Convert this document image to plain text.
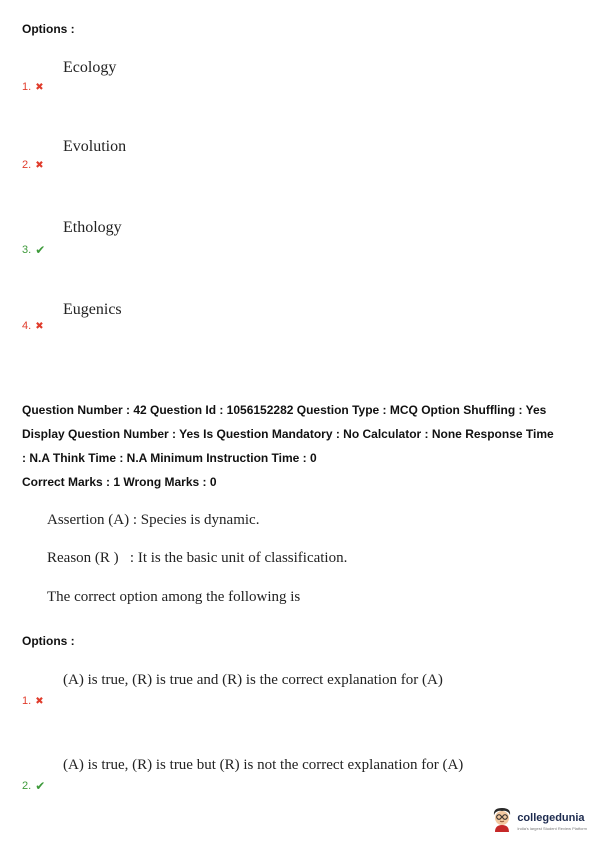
Options :
Ecology
1. ✖
Evolution
2. ✖
Ethology
3. ✔
Eugenics
4. ✖
Question Number : 42 Question Id : 1056152282 Question Type : MCQ Option Shuffling : Yes
Display Question Number : Yes Is Question Mandatory : No Calculator : None Response Time
: N.A Think Time : N.A Minimum Instruction Time : 0
Correct Marks : 1 Wrong Marks : 0
Assertion (A) : Species is dynamic.
Reason (R )   : It is the basic unit of classification.
The correct option among the following is
Options :
(A) is true, (R) is true and (R) is the correct explanation for (A)
1. ✖
(A) is true, (R) is true but (R) is not the correct explanation for (A)
2. ✔
collegedunia
India's largest Student Review Platform
